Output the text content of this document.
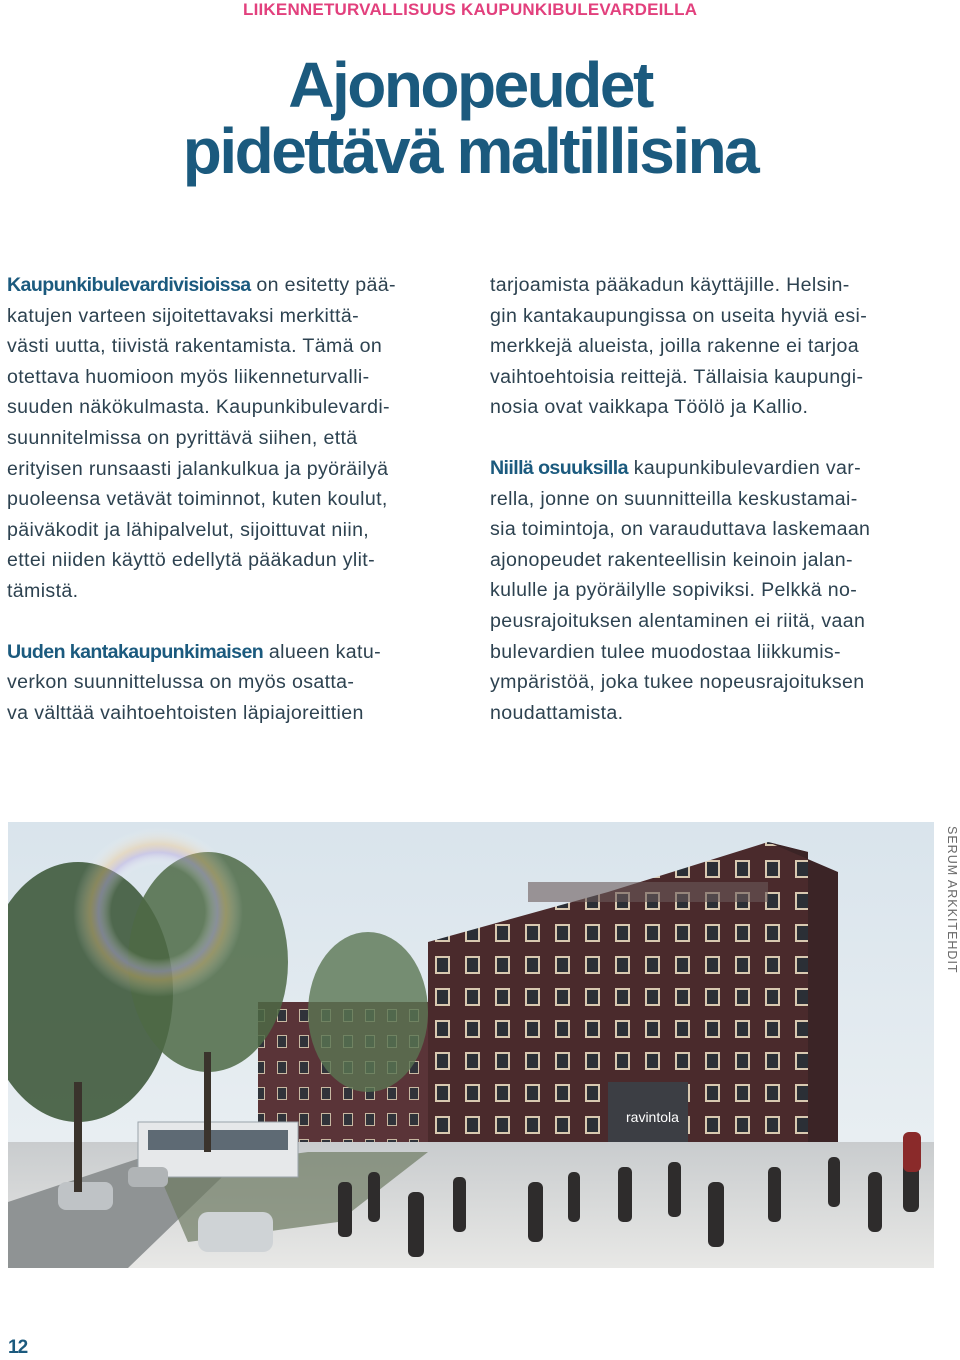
LIIKENNETURVALLISUUS KAUPUNKIBULEVARDEILLA
Ajonopeudet
pidettävä maltillisina

Kaupunkibulevardivisioissa on esitetty pää-
katujen varteen sijoitettavaksi merkittä-
västi uutta, tiivistä rakentamista. Tämä on
otettava huomioon myös liikenneturvalli-
suuden näkökulmasta. Kaupunkibulevardi-
suunnitelmissa on pyrittävä siihen, että
erityisen runsaasti jalankulkua ja pyöräilyä
puoleensa vetävät toiminnot, kuten koulut,
päiväkodit ja lähipalvelut, sijoittuvat niin,
ettei niiden käyttö edellytä pääkadun ylit-
tämistä.

Uuden kantakaupunkimaisen alueen katu-
verkon suunnittelussa on myös osatta-
va välttää vaihtoehtoisten läpiajoreittien

tarjoamista pääkadun käyttäjille. Helsin-
gin kantakaupungissa on useita hyviä esi-
merkkejä alueista, joilla rakenne ei tarjoa
vaihtoehtoisia reittejä. Tällaisia kaupungi-
nosia ovat vaikkapa Töölö ja Kallio.

Niillä osuuksilla kaupunkibulevardien var-
rella, jonne on suunnitteilla keskustamai-
sia toimintoja, on varauduttava laskemaan
ajonopeudet rakenteellisin keinoin jalan-
kululle ja pyöräilylle sopiviksi. Pelkkä no-
peusrajoituksen alentaminen ei riitä, vaan
bulevardien tulee muodostaa liikkumis-
ympäristöä, joka tukee nopeusrajoituksen
noudattamista.

ravintola
SERUM ARKKITEHDIT
12
